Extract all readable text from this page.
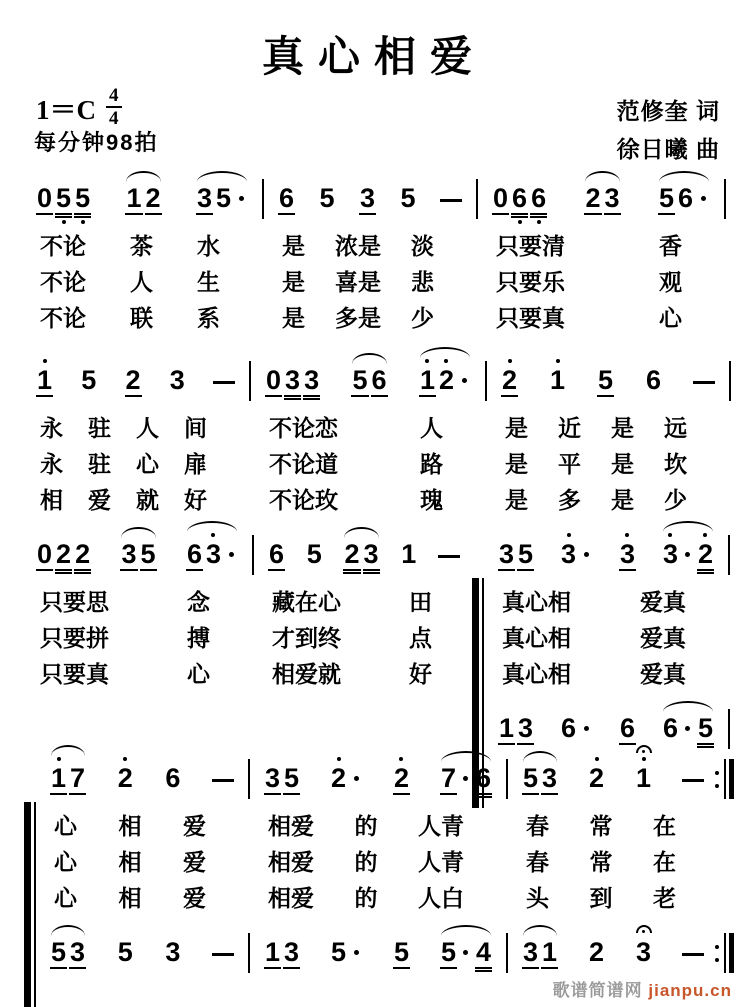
真心相爱
$1=C \frac{4}{4}$
每分钟98拍
范修奎 词
徐日曦 曲
0 5 5 1 2 3 5 6 5 3 5	0 6 6 2 3 5 6
不论 茶 水	是 浓是 淡	只要清	香
不论 人 生	是 喜是 悲	只要乐	观
不论 联 系	是 多是 少	只要真	心
1 5 2 3	0 3 3 5 6 1 2 2 1 5 6
永 驻 人 间	不论恋	人	是 近 是 远
永 驻 心 扉	不论道	路	是 平 是 坎
相 爱 就 好	不论玫	瑰	是 多 是 少
0 2 2 3 5 6 3 6 5 2 3 1	3 5 3 3 3 2
只要思	念	藏在心	田	真心相	爱真
只要拼	搏	才到终	点	真心相	爱真
只要真	心	相爱就	好	真心相	爱真
1 3 6 6 6 5
1 7 2 6	3 5 2 2 7 6 5 3 2 1
心 相 爱	相爱 的 人青	春 常 在
心 相 爱	相爱 的 人青	春 常 在
心 相 爱	相爱 的 人白	头 到 老
5 3 5 3	1 3 5 5 5 4 3 1 2 3
歌谱简谱网 jianpu.cn
